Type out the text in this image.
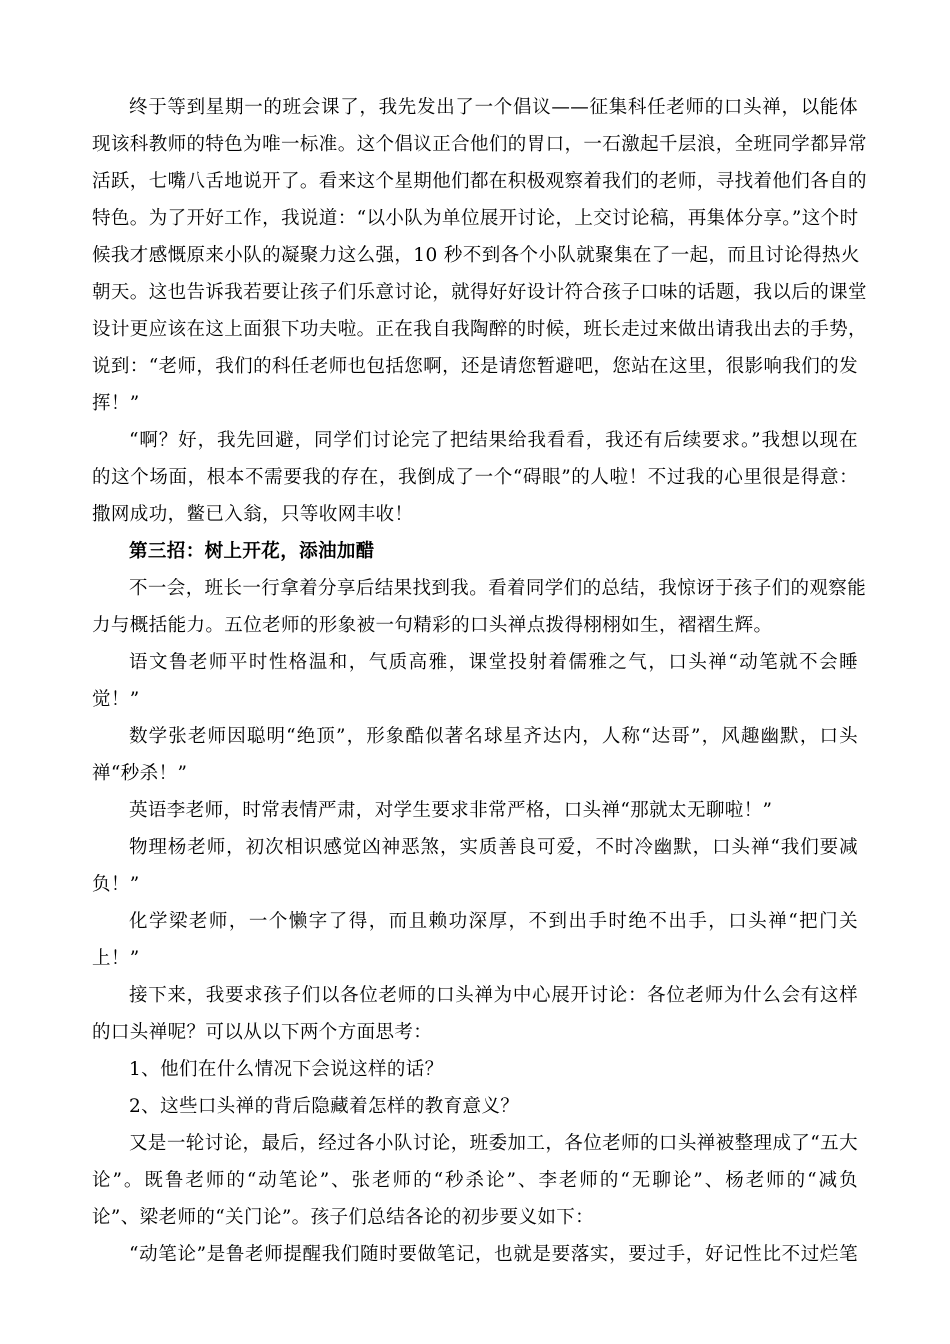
终于等到星期一的班会课了，我先发出了一个倡议——征集科任老师的口头禅，以能体
现该科教师的特色为唯一标准。这个倡议正合他们的胃口，一石激起千层浪，全班同学都异常
活跃，七嘴八舌地说开了。看来这个星期他们都在积极观察着我们的老师，寻找着他们各自的
特色。为了开好工作，我说道：“以小队为单位展开讨论，上交讨论稿，再集体分享。”这个时
候我才感慨原来小队的凝聚力这么强，10 秒不到各个小队就聚集在了一起，而且讨论得热火
朝天。这也告诉我若要让孩子们乐意讨论，就得好好设计符合孩子口味的话题，我以后的课堂
设计更应该在这上面狠下功夫啦。正在我自我陶醉的时候，班长走过来做出请我出去的手势，
说到：“老师，我们的科任老师也包括您啊，还是请您暂避吧，您站在这里，很影响我们的发
挥！”
“啊？好，我先回避，同学们讨论完了把结果给我看看，我还有后续要求。”我想以现在
的这个场面，根本不需要我的存在，我倒成了一个“碍眼”的人啦！不过我的心里很是得意：
撒网成功，鳖已入翁，只等收网丰收！
第三招：树上开花，添油加醋
不一会，班长一行拿着分享后结果找到我。看着同学们的总结，我惊讶于孩子们的观察能
力与概括能力。五位老师的形象被一句精彩的口头禅点拨得栩栩如生，褶褶生辉。
语文鲁老师平时性格温和，气质高雅，课堂投射着儒雅之气，口头禅“动笔就不会睡
觉！”
数学张老师因聪明“绝顶”，形象酷似著名球星齐达内，人称“达哥”，风趣幽默，口头
禅“秒杀！”
英语李老师，时常表情严肃，对学生要求非常严格，口头禅“那就太无聊啦！”
物理杨老师，初次相识感觉凶神恶煞，实质善良可爱，不时冷幽默，口头禅“我们要减
负！”
化学梁老师，一个懒字了得，而且赖功深厚，不到出手时绝不出手，口头禅“把门关
上！”
接下来，我要求孩子们以各位老师的口头禅为中心展开讨论：各位老师为什么会有这样
的口头禅呢？可以从以下两个方面思考：
1、他们在什么情况下会说这样的话？
2、这些口头禅的背后隐藏着怎样的教育意义？
又是一轮讨论，最后，经过各小队讨论，班委加工，各位老师的口头禅被整理成了“五大
论”。既鲁老师的“动笔论”、张老师的“秒杀论”、李老师的“无聊论”、杨老师的“减负
论”、梁老师的“关门论”。孩子们总结各论的初步要义如下：
“动笔论”是鲁老师提醒我们随时要做笔记，也就是要落实，要过手，好记性比不过烂笔
